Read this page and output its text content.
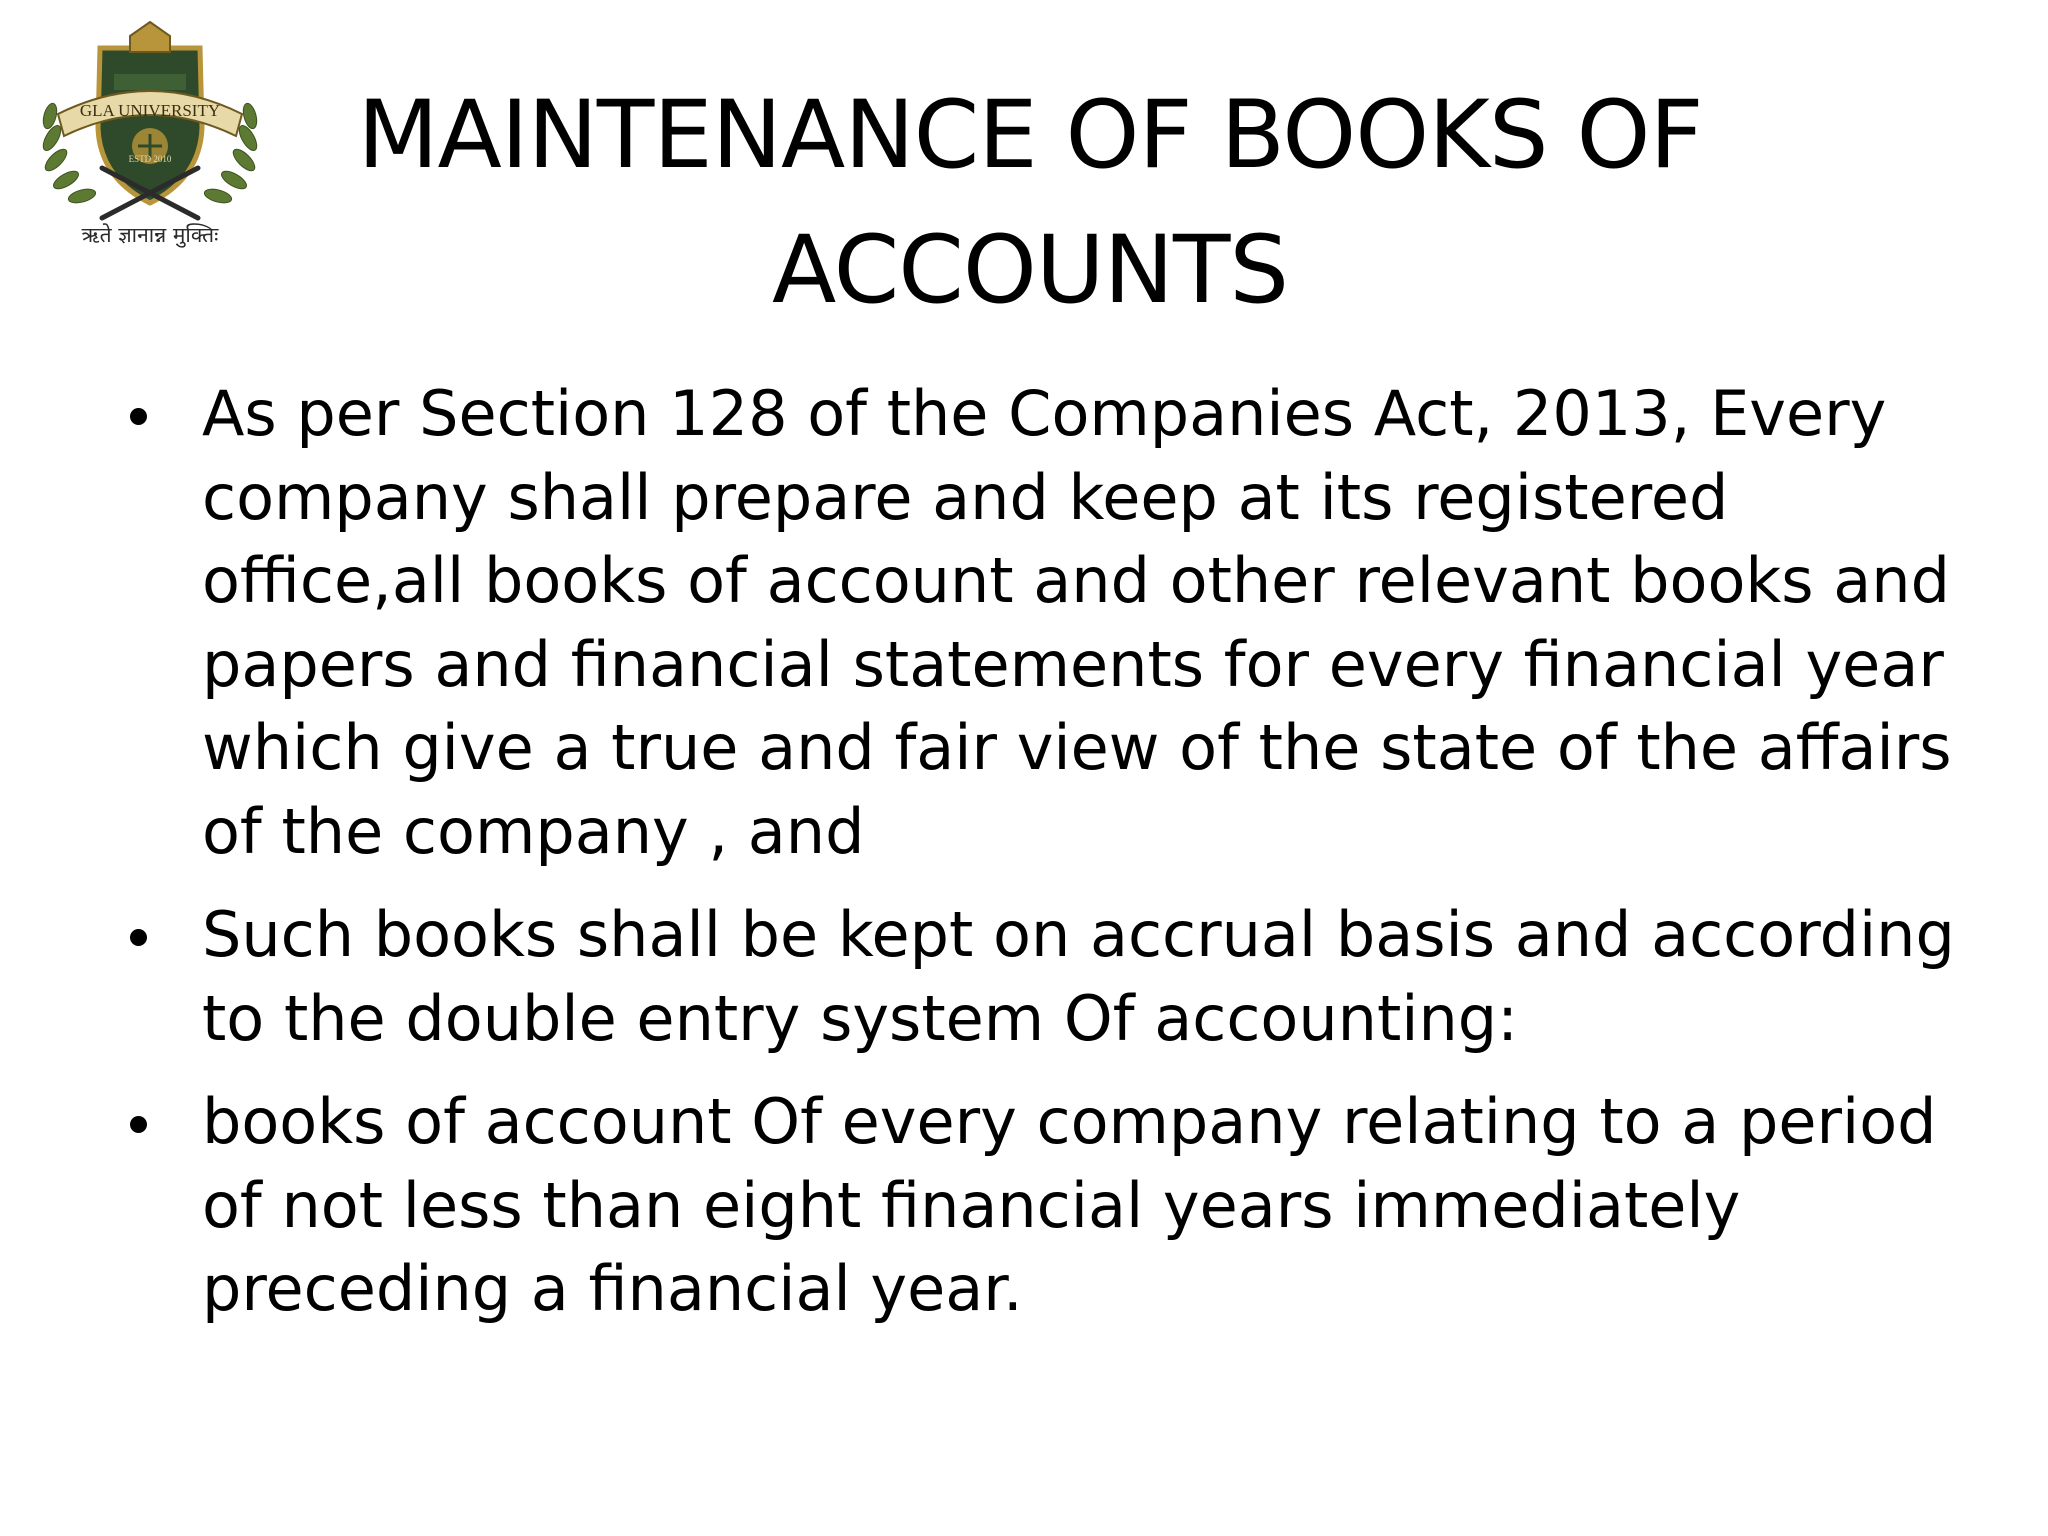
GLA UNIVERSITY
ESTD 2010
ऋते ज्ञानान्न मुक्तिः
MAINTENANCE OF BOOKS OF ACCOUNTS
As per Section 128 of the Companies Act, 2013, Every company shall prepare and keep at its registered office,all books of account and other relevant books and papers and financial statements for every financial year which give a true and fair view of the state of the affairs of the company , and
Such books shall be kept on accrual basis and according to the double entry system Of accounting:
books of account Of every company relating to a period of not less than eight financial years immediately preceding a financial year.
